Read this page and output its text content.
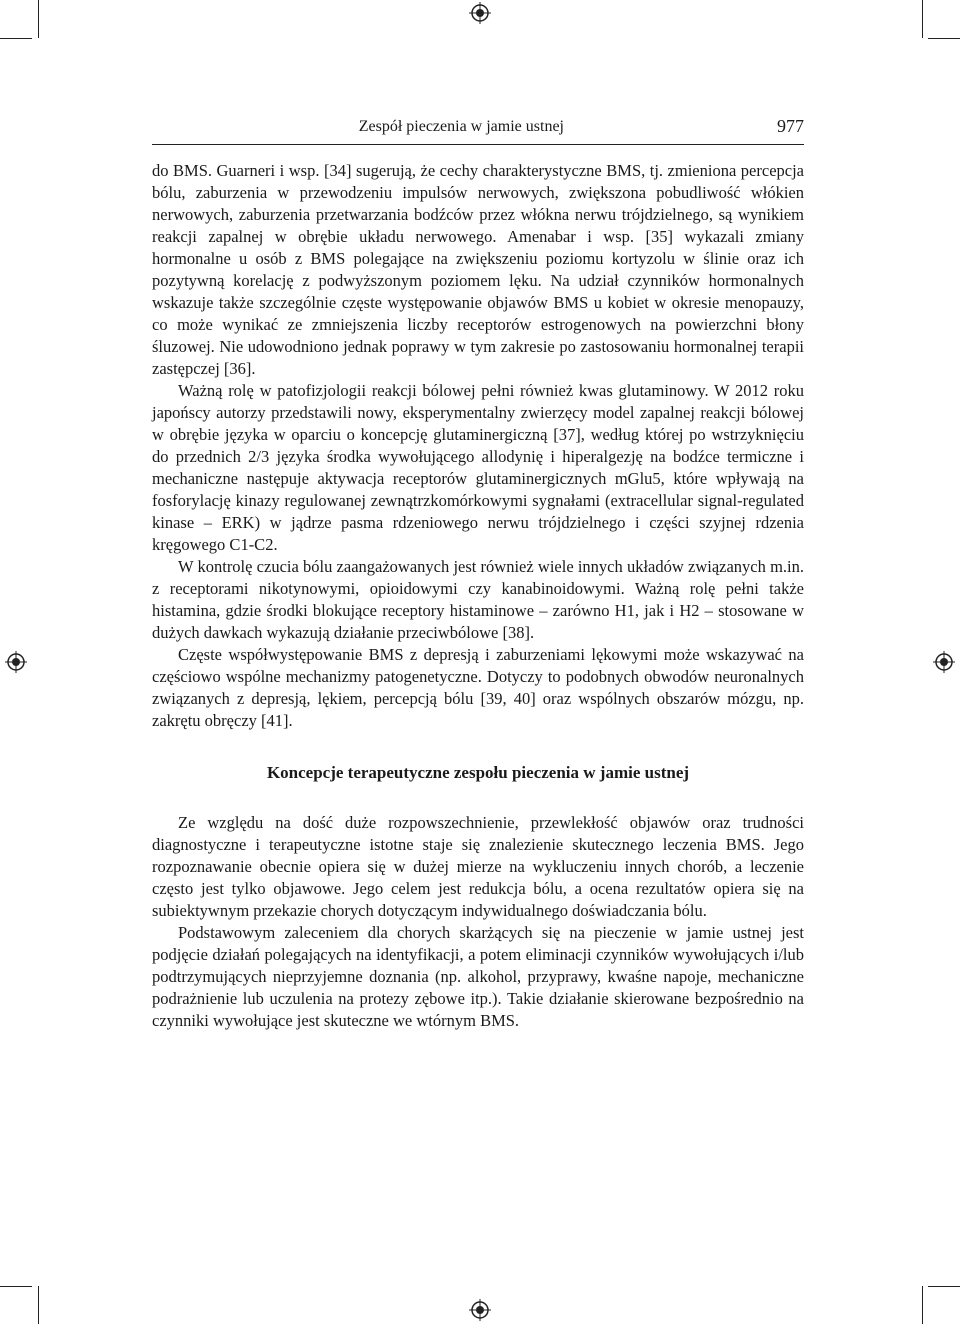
Zespół pieczenia w jamie ustnej	977

do BMS. Guarneri i wsp. [34] sugerują, że cechy charakterystyczne BMS, tj. zmieniona percepcja bólu, zaburzenia w przewodzeniu impulsów nerwowych, zwiększona pobudliwość włókien nerwowych, zaburzenia przetwarzania bodźców przez włókna nerwu trójdzielnego, są wynikiem reakcji zapalnej w obrębie układu nerwowego. Amenabar i wsp. [35] wykazali zmiany hormonalne u osób z BMS polegające na zwiększeniu poziomu kortyzolu w ślinie oraz ich pozytywną korelację z podwyższonym poziomem lęku. Na udział czynników hormonalnych wskazuje także szczególnie częste występowanie objawów BMS u kobiet w okresie menopauzy, co może wynikać ze zmniejszenia liczby receptorów estrogenowych na powierzchni błony śluzowej. Nie udowodniono jednak poprawy w tym zakresie po zastosowaniu hormonalnej terapii zastępczej [36].

Ważną rolę w patofizjologii reakcji bólowej pełni również kwas glutaminowy. W 2012 roku japońscy autorzy przedstawili nowy, eksperymentalny zwierzęcy model zapalnej reakcji bólowej w obrębie języka w oparciu o koncepcję glutaminergiczną [37], według której po wstrzyknięciu do przednich 2/3 języka środka wywołującego allodynię i hiperalgezję na bodźce termiczne i mechaniczne następuje aktywacja receptorów glutaminergicznych mGlu5, które wpływają na fosforylację kinazy regulowanej zewnątrzkomórkowymi sygnałami (extracellular signal-regulated kinase – ERK) w jądrze pasma rdzeniowego nerwu trójdzielnego i części szyjnej rdzenia kręgowego C1-C2.

W kontrolę czucia bólu zaangażowanych jest również wiele innych układów związanych m.in. z receptorami nikotynowymi, opioidowymi czy kanabinoidowymi. Ważną rolę pełni także histamina, gdzie środki blokujące receptory histaminowe – zarówno H1, jak i H2 – stosowane w dużych dawkach wykazują działanie przeciwbólowe [38].

Częste współwystępowanie BMS z depresją i zaburzeniami lękowymi może wskazywać na częściowo wspólne mechanizmy patogenetyczne. Dotyczy to podobnych obwodów neuronalnych związanych z depresją, lękiem, percepcją bólu [39, 40] oraz wspólnych obszarów mózgu, np. zakrętu obręczy [41].

Koncepcje terapeutyczne zespołu pieczenia w jamie ustnej

Ze względu na dość duże rozpowszechnienie, przewlekłość objawów oraz trudności diagnostyczne i terapeutyczne istotne staje się znalezienie skutecznego leczenia BMS. Jego rozpoznawanie obecnie opiera się w dużej mierze na wykluczeniu innych chorób, a leczenie często jest tylko objawowe. Jego celem jest redukcja bólu, a ocena rezultatów opiera się na subiektywnym przekazie chorych dotyczącym indywidualnego doświadczania bólu.

Podstawowym zaleceniem dla chorych skarżących się na pieczenie w jamie ustnej jest podjęcie działań polegających na identyfikacji, a potem eliminacji czynników wywołujących i/lub podtrzymujących nieprzyjemne doznania (np. alkohol, przyprawy, kwaśne napoje, mechaniczne podrażnienie lub uczulenia na protezy zębowe itp.). Takie działanie skierowane bezpośrednio na czynniki wywołujące jest skuteczne we wtórnym BMS.
